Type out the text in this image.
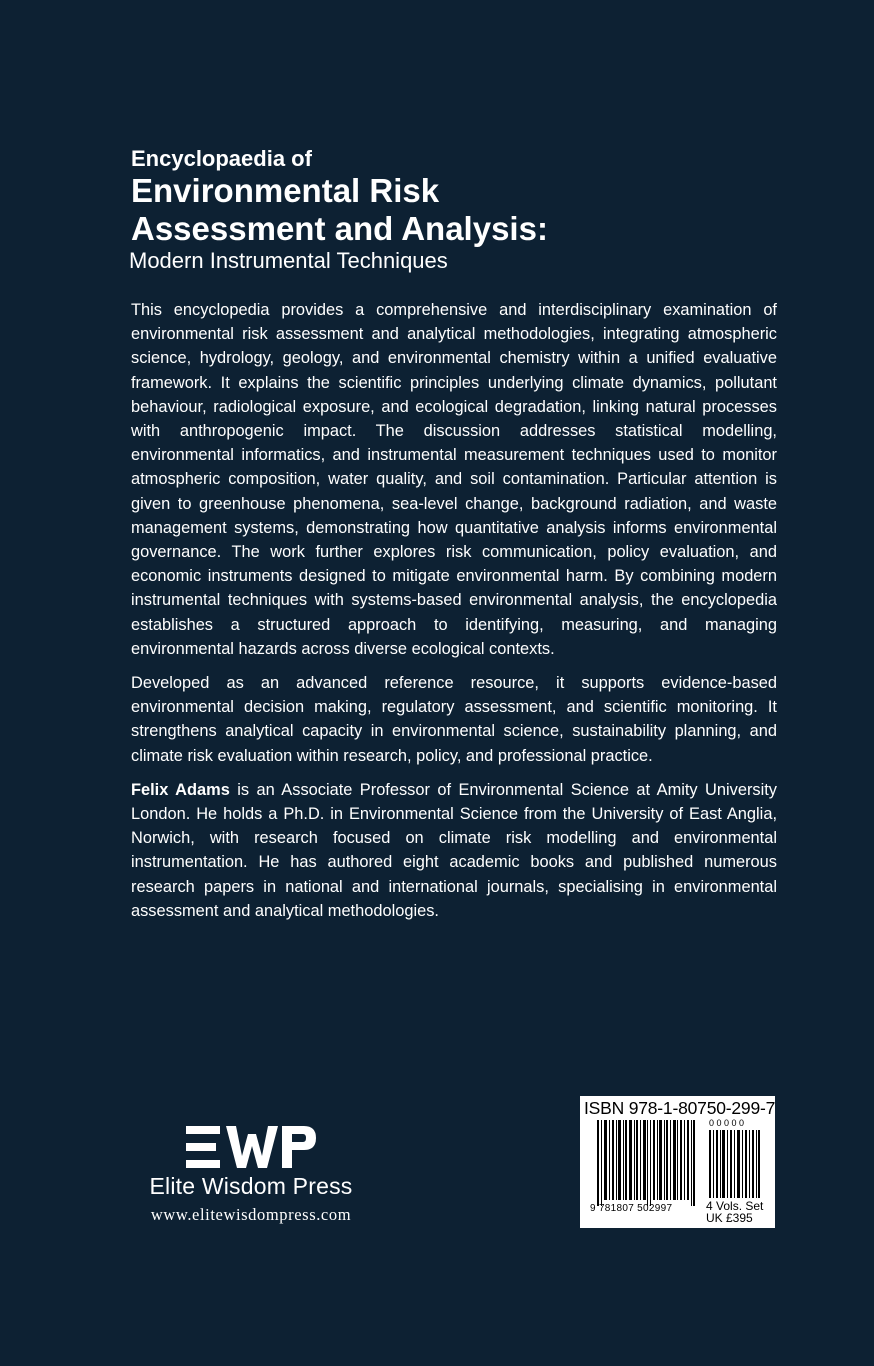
Encyclopaedia of
Environmental Risk
Assessment and Analysis:
Modern Instrumental Techniques

This encyclopedia provides a comprehensive and interdisciplinary examination of environmental risk assessment and analytical methodologies, integrating atmospheric science, hydrology, geology, and environmental chemistry within a unified evaluative framework. It explains the scientific principles underlying climate dynamics, pollutant behaviour, radiological exposure, and ecological degradation, linking natural processes with anthropogenic impact. The discussion addresses statistical modelling, environmental informatics, and instrumental measurement techniques used to monitor atmospheric composition, water quality, and soil contamination. Particular attention is given to greenhouse phenomena, sea-level change, background radiation, and waste management systems, demonstrating how quantitative analysis informs environmental governance. The work further explores risk communication, policy evaluation, and economic instruments designed to mitigate environmental harm. By combining modern instrumental techniques with systems-based environmental analysis, the encyclopedia establishes a structured approach to identifying, measuring, and managing environmental hazards across diverse ecological contexts.

Developed as an advanced reference resource, it supports evidence-based environmental decision making, regulatory assessment, and scientific monitoring. It strengthens analytical capacity in environmental science, sustainability planning, and climate risk evaluation within research, policy, and professional practice.

Felix Adams is an Associate Professor of Environmental Science at Amity University London. He holds a Ph.D. in Environmental Science from the University of East Anglia, Norwich, with research focused on climate risk modelling and environmental instrumentation. He has authored eight academic books and published numerous research papers in national and international journals, specialising in environmental assessment and analytical methodologies.

Elite Wisdom Press
www.elitewisdompress.com
ISBN 978-1-80750-299-7
00000
9 781807 502997	4 Vols. Set
UK £395
